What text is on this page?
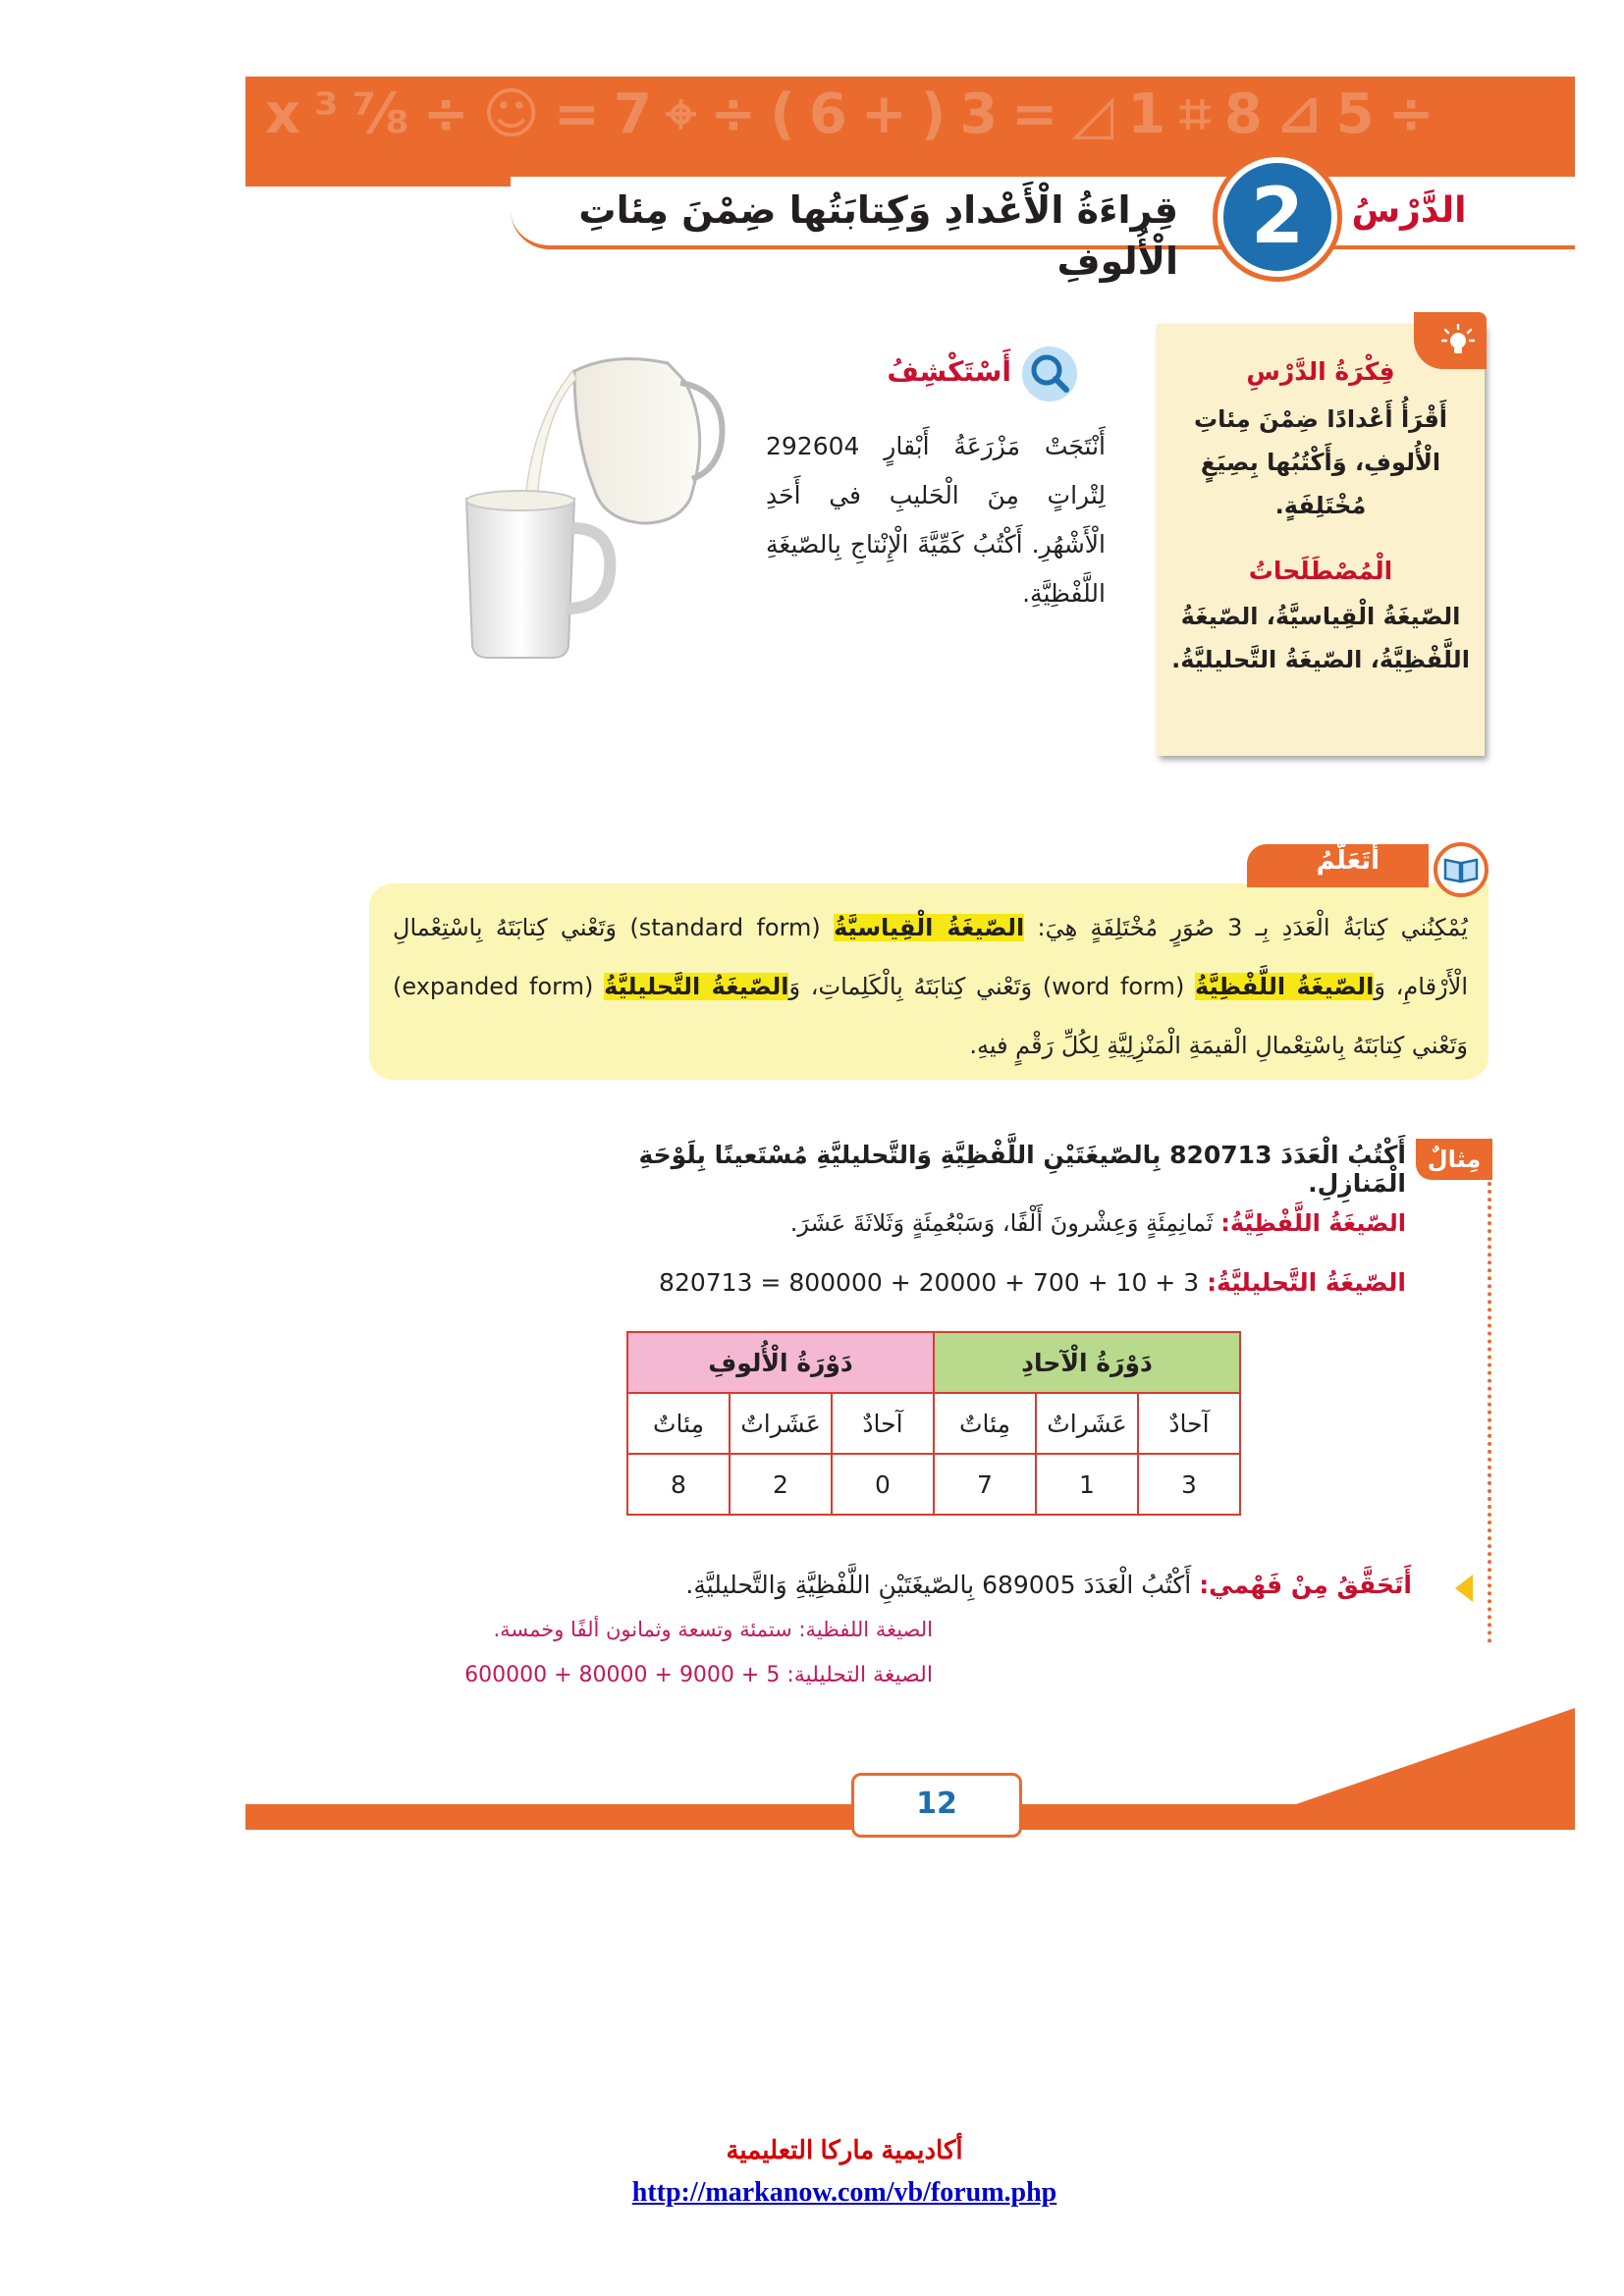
x³⅞÷☺=7⌖÷(6+)3=◿1⌗8⊿5÷
قِراءَةُ الْأَعْدادِ وَكِتابَتُها ضِمْنَ مِئاتِ الْأُلوفِ 2	الدَّرْسُ
فِكْرَةُ الدَّرْسِ
أَقْرَأُ أَعْدادًا ضِمْنَ مِئاتِ الْأُلوفِ، وَأَكْتُبُها بِصِيَغٍ مُخْتَلِفَةٍ.
الْمُصْطَلَحاتُ
الصّيغَةُ الْقِياسيَّةُ، الصّيغَةُ اللَّفْظِيَّةُ، الصّيغَةُ التَّحليليَّةُ.
أَسْتَكْشِفُ
أَنْتَجَتْ مَزْرَعَةُ أَبْقارٍ 292604 لِتْراتٍ مِنَ الْحَليبِ في أَحَدِ الْأَشْهُرِ. أَكْتُبُ كَمِّيَّةَ الْإِنْتاجِ بِالصّيغَةِ اللَّفْظِيَّةِ.
أَتَعَلَّمُ
يُمْكِنُني كِتابَةُ الْعَدَدِ بِـ 3 صُوَرٍ مُخْتَلِفَةٍ هِيَ: الصّيغَةُ الْقِياسيَّةُ (standard form) وَتَعْني كِتابَتَهُ بِاسْتِعْمالِ الْأَرْقامِ، وَالصّيغَةُ اللَّفْظِيَّةُ (word form) وَتَعْني كِتابَتَهُ بِالْكَلِماتِ، وَالصّيغَةُ التَّحليليَّةُ (expanded form) وَتَعْني كِتابَتَهُ بِاسْتِعْمالِ الْقيمَةِ الْمَنْزِلِيَّةِ لِكُلِّ رَقْمٍ فيهِ.
مِثالٌ 1
أَكْتُبُ الْعَدَدَ 820713 بِالصّيغَتَيْنِ اللَّفْظِيَّةِ وَالتَّحليليَّةِ مُسْتَعينًا بِلَوْحَةِ الْمَنازِلِ.
الصّيغَةُ اللَّفْظِيَّةُ: ثَمانِمِئَةٍ وَعِشْرونَ أَلْفًا، وَسَبْعُمِئَةٍ وَثَلاثَةَ عَشَرَ.
الصّيغَةُ التَّحليليَّةُ: 3 + 10 + 700 + 20000 + 800000 = 820713
دَوْرَةُ الْآحادِ			دَوْرَةُ الْأُلوفِ		
آحادٌ	عَشَراتٌ	مِئاتٌ	آحادٌ	عَشَراتٌ	مِئاتٌ
3	1	7	0	2	8
أَتَحَقَّقُ مِنْ فَهْمي: أَكْتُبُ الْعَدَدَ 689005 بِالصّيغَتَيْنِ اللَّفْظِيَّةِ وَالتَّحليليَّةِ.
الصيغة اللفظية: ستمئة وتسعة وثمانون ألفًا وخمسة.
الصيغة التحليلية: 5 + 9000 + 80000 + 600000
12
أكاديمية ماركا التعليمية
http://markanow.com/vb/forum.php
